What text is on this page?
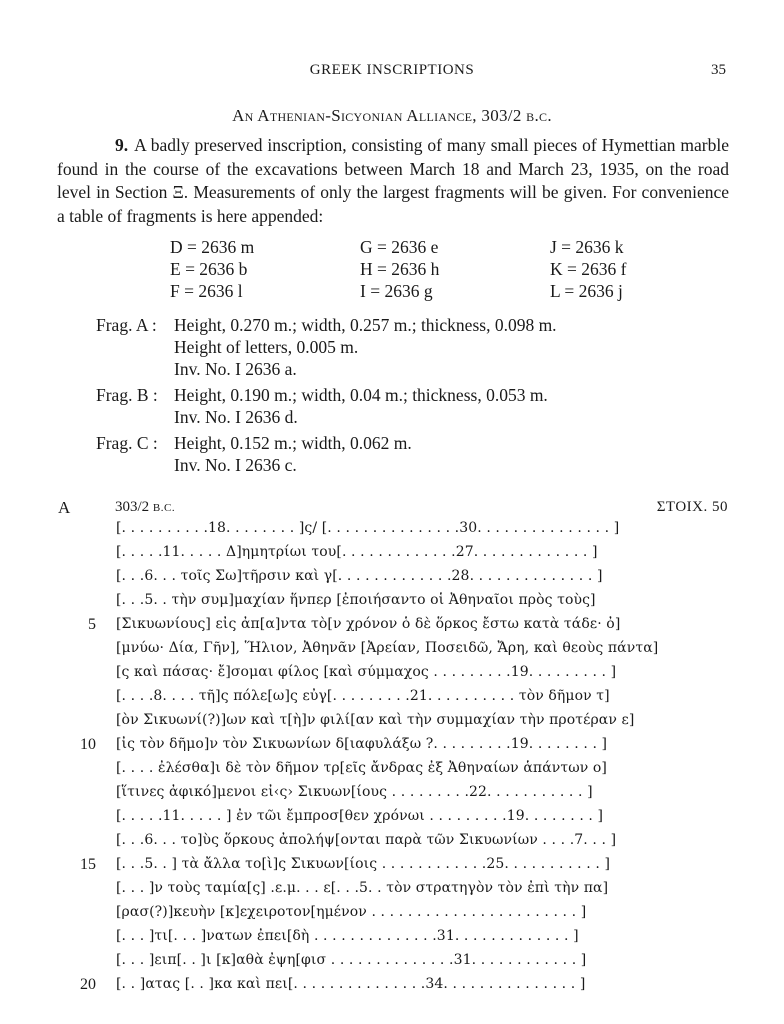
GREEK INSCRIPTIONS	35
An Athenian-Sicyonian Alliance, 303/2 b.c.
9. A badly preserved inscription, consisting of many small pieces of Hymettian marble found in the course of the excavations between March 18 and March 23, 1935, on the road level in Section Ξ. Measurements of only the largest fragments will be given. For convenience a table of fragments is here appended:
D = 2636 m	G = 2636 e	J = 2636 k
E = 2636 b	H = 2636 h	K = 2636 f
F = 2636 l	I = 2636 g	L = 2636 j
Frag. A : Height, 0.270 m.; width, 0.257 m.; thickness, 0.098 m.
Height of letters, 0.005 m.
Inv. No. I 2636 a.
Frag. B : Height, 0.190 m.; width, 0.04 m.; thickness, 0.053 m.
Inv. No. I 2636 d.
Frag. C : Height, 0.152 m.; width, 0.062 m.
Inv. No. I 2636 c.
A	303/2 B.C.	ΣΤΟΙΧ. 50
[. . . . . . . . . .18. . . . . . . . ]ς/ [. . . . . . . . . . . . . . .30. . . . . . . . . . . . . . . ]
[. . . . .11. . . . . Δ]ημητρίωι του[. . . . . . . . . . . . .27. . . . . . . . . . . . . ]
[. . .6. . . τοῖς Σω]τῆρσιν καὶ γ[. . . . . . . . . . . . .28. . . . . . . . . . . . . . ]
[. . .5. . τὴν συμ]μαχίαν ἥνπερ [ἐποιήσαντο οἱ Ἀθηναῖοι πρὸς τοὺς]
5 [Σικυωνίους] εἰς ἀπ[α]ντα τὸ[ν χρόνον ὁ δὲ ὅρκος ἔστω κατὰ τάδε· ὀ]
[μνύω· Δία, Γῆν], Ἥλιον, Ἀθηνᾶν [Ἀρείαν, Ποσειδῶ, Ἄρη, καὶ θεοὺς πάντα]
[ς καὶ πάσας· ἔ]σομαι φίλος [καὶ σύμμαχος . . . . . . . . .19. . . . . . . . . ]
[. . . .8. . . . τῆ]ς πόλε[ω]ς εὐγ[. . . . . . . . .21. . . . . . . . . . τὸν δῆμον τ]
[ὸν Σικυωνί(?)]ων καὶ τ[ὴ]ν φιλί[αν καὶ τὴν συμμαχίαν τὴν προτέραν ε]
10 [ἰς τὸν δῆμο]ν τὸν Σικυωνίων δ[ιαφυλάξω ?. . . . . . . . .19. . . . . . . . ]
[. . . . ἐλέσθα]ι δὲ τὸν δῆμον τρ[εῖς ἄνδρας ἐξ Ἀθηναίων ἁπάντων ο]
[ἵτινες ἀφικό]μενοι εἰ‹ς› Σικυων[ίους . . . . . . . . .22. . . . . . . . . . . ]
[. . . . .11. . . . . ] ἐν τῶι ἔμπροσ[θεν χρόνωι . . . . . . . . .19. . . . . . . . ]
[. . .6. . . το]ὺς ὅρκους ἀπολήψ[ονται παρὰ τῶν Σικυωνίων . . . .7. . . ]
15 [. . .5. . ] τὰ ἄλλα το[ὶ]ς Σικυων[ίοις . . . . . . . . . . . .25. . . . . . . . . . . ]
[. . . ]ν τοὺς ταμία[ς] .ε.μ. . . ε[. . .5. . τὸν στρατηγὸν τὸν ἐπὶ τὴν πα]
[ρασ(?)]κευὴν [κ]εχειροτον[ημένον . . . . . . . . . . . . . . . . . . . . . . . ]
[. . . ]τι[. . . ]νατων ἐπει[δὴ . . . . . . . . . . . . . .31. . . . . . . . . . . . . ]
[. . . ]ειπ[. . ]ι [κ]αθὰ ἐψη[φισ . . . . . . . . . . . . . .31. . . . . . . . . . . . ]
20 [. . ]ατας [. . ]κα καὶ πει[. . . . . . . . . . . . . . .34. . . . . . . . . . . . . . . ]
